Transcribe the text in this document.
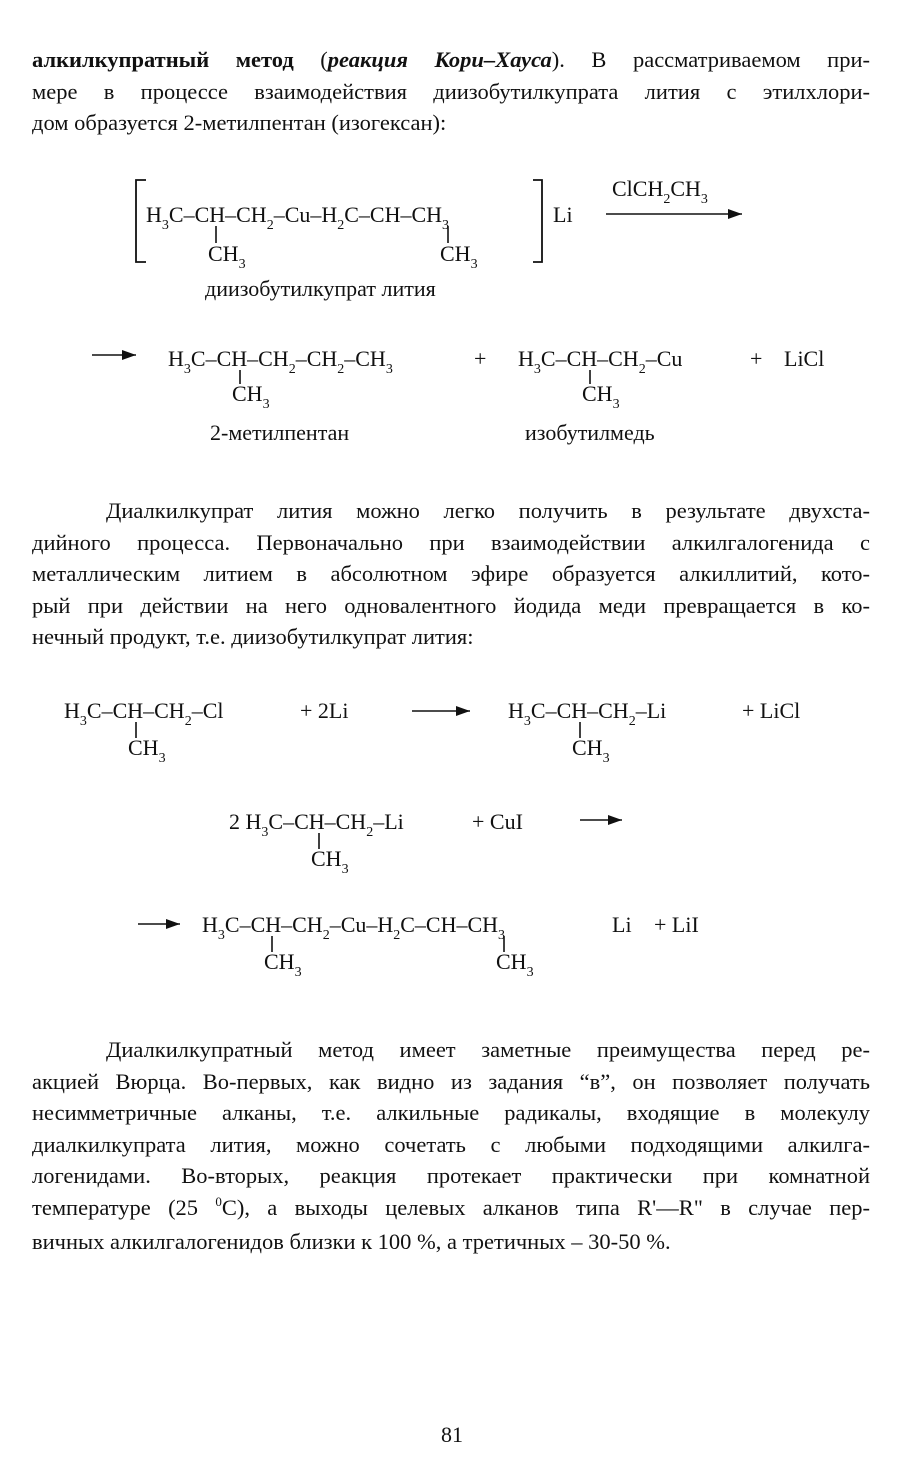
алкилкупратный метод (реакция Кори–Хауса). В рассматриваемом при-
мере в процессе взаимодействия диизобутилкупрата лития с этилхлори-
дом образуется 2-метилпентан (изогексан):
$H_3C-CH-CH_2-Cu-H_2C-CH-CH_3$	Li
$CH_3$	$CH_3$
диизобутилкупрат лития
$ClCH_2CH_3$
$H_3C-CH-CH_2-CH_2-CH_3$
$CH_3$
+ $H_3C-CH-CH_2-Cu$
$CH_3$
+ LiCl
2-метилпентан	изобутилмедь
Диалкилкупрат лития можно легко получить в результате двухста-
дийного процесса. Первоначально при взаимодействии алкилгалогенида с
металлическим литием в абсолютном эфире образуется алкиллитий, кото-
рый при действии на него одновалентного йодида меди превращается в ко-
нечный продукт, т.е. диизобутилкупрат лития:
$H_3C-CH-CH_2-Cl$
$CH_3$
+ 2Li	$H_3C-CH-CH_2-Li$
$CH_3$
+ LiCl
2 $H_3C-CH-CH_2-Li$
$CH_3$
+ CuI
$H_3C-CH-CH_2-Cu-H_2C-CH-CH_3$	Li + LiI
$CH_3$	$CH_3$
Диалкилкупратный метод имеет заметные преимущества перед ре-
акцией Вюрца. Во-первых, как видно из задания “в”, он позволяет получать
несимметричные алканы, т.е. алкильные радикалы, входящие в молекулу
диалкилкупрата лития, можно сочетать с любыми подходящими алкилга-
логенидами. Во-вторых, реакция протекает практически при комнатной
температуре (25 $^0$С), а выходы целевых алканов типа R'—R" в случае пер-
вичных алкилгалогенидов близки к 100 %, а третичных – 30-50 %.
81
